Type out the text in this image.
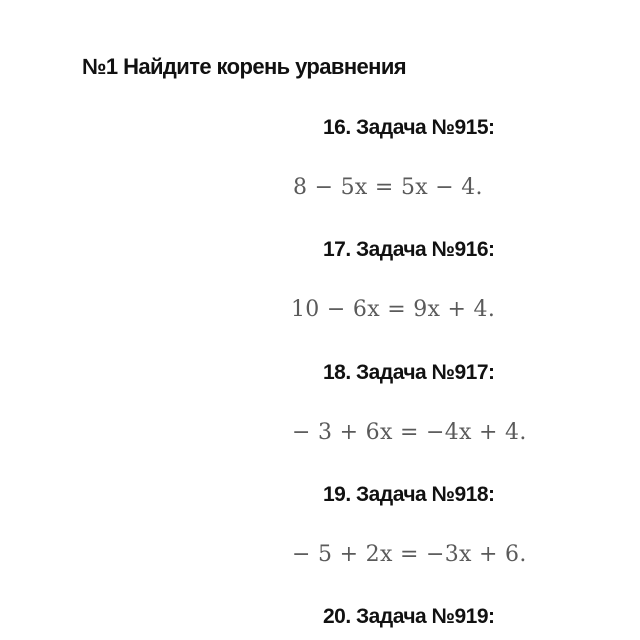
№1 Найдите корень уравнения
16. Задача №915:
8 − 5x = 5x − 4.
17. Задача №916:
10 − 6x = 9x + 4.
18. Задача №917:
− 3 + 6x = −4x + 4.
19. Задача №918:
− 5 + 2x = −3x + 6.
20. Задача №919:
